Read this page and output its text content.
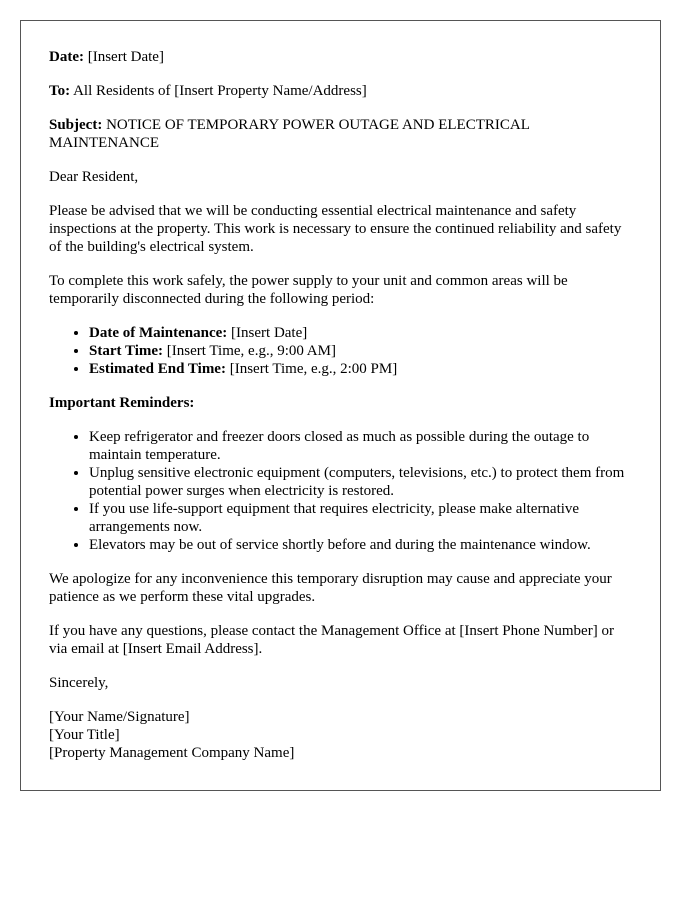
Date: [Insert Date]

To: All Residents of [Insert Property Name/Address]

Subject: NOTICE OF TEMPORARY POWER OUTAGE AND ELECTRICAL MAINTENANCE

Dear Resident,

Please be advised that we will be conducting essential electrical maintenance and safety inspections at the property. This work is necessary to ensure the continued reliability and safety of the building's electrical system.

To complete this work safely, the power supply to your unit and common areas will be temporarily disconnected during the following period:

• Date of Maintenance: [Insert Date]
• Start Time: [Insert Time, e.g., 9:00 AM]
• Estimated End Time: [Insert Time, e.g., 2:00 PM]

Important Reminders:

• Keep refrigerator and freezer doors closed as much as possible during the outage to maintain temperature.
• Unplug sensitive electronic equipment (computers, televisions, etc.) to protect them from potential power surges when electricity is restored.
• If you use life-support equipment that requires electricity, please make alternative arrangements now.
• Elevators may be out of service shortly before and during the maintenance window.

We apologize for any inconvenience this temporary disruption may cause and appreciate your patience as we perform these vital upgrades.

If you have any questions, please contact the Management Office at [Insert Phone Number] or via email at [Insert Email Address].

Sincerely,

[Your Name/Signature]

[Your Title]

[Property Management Company Name]
